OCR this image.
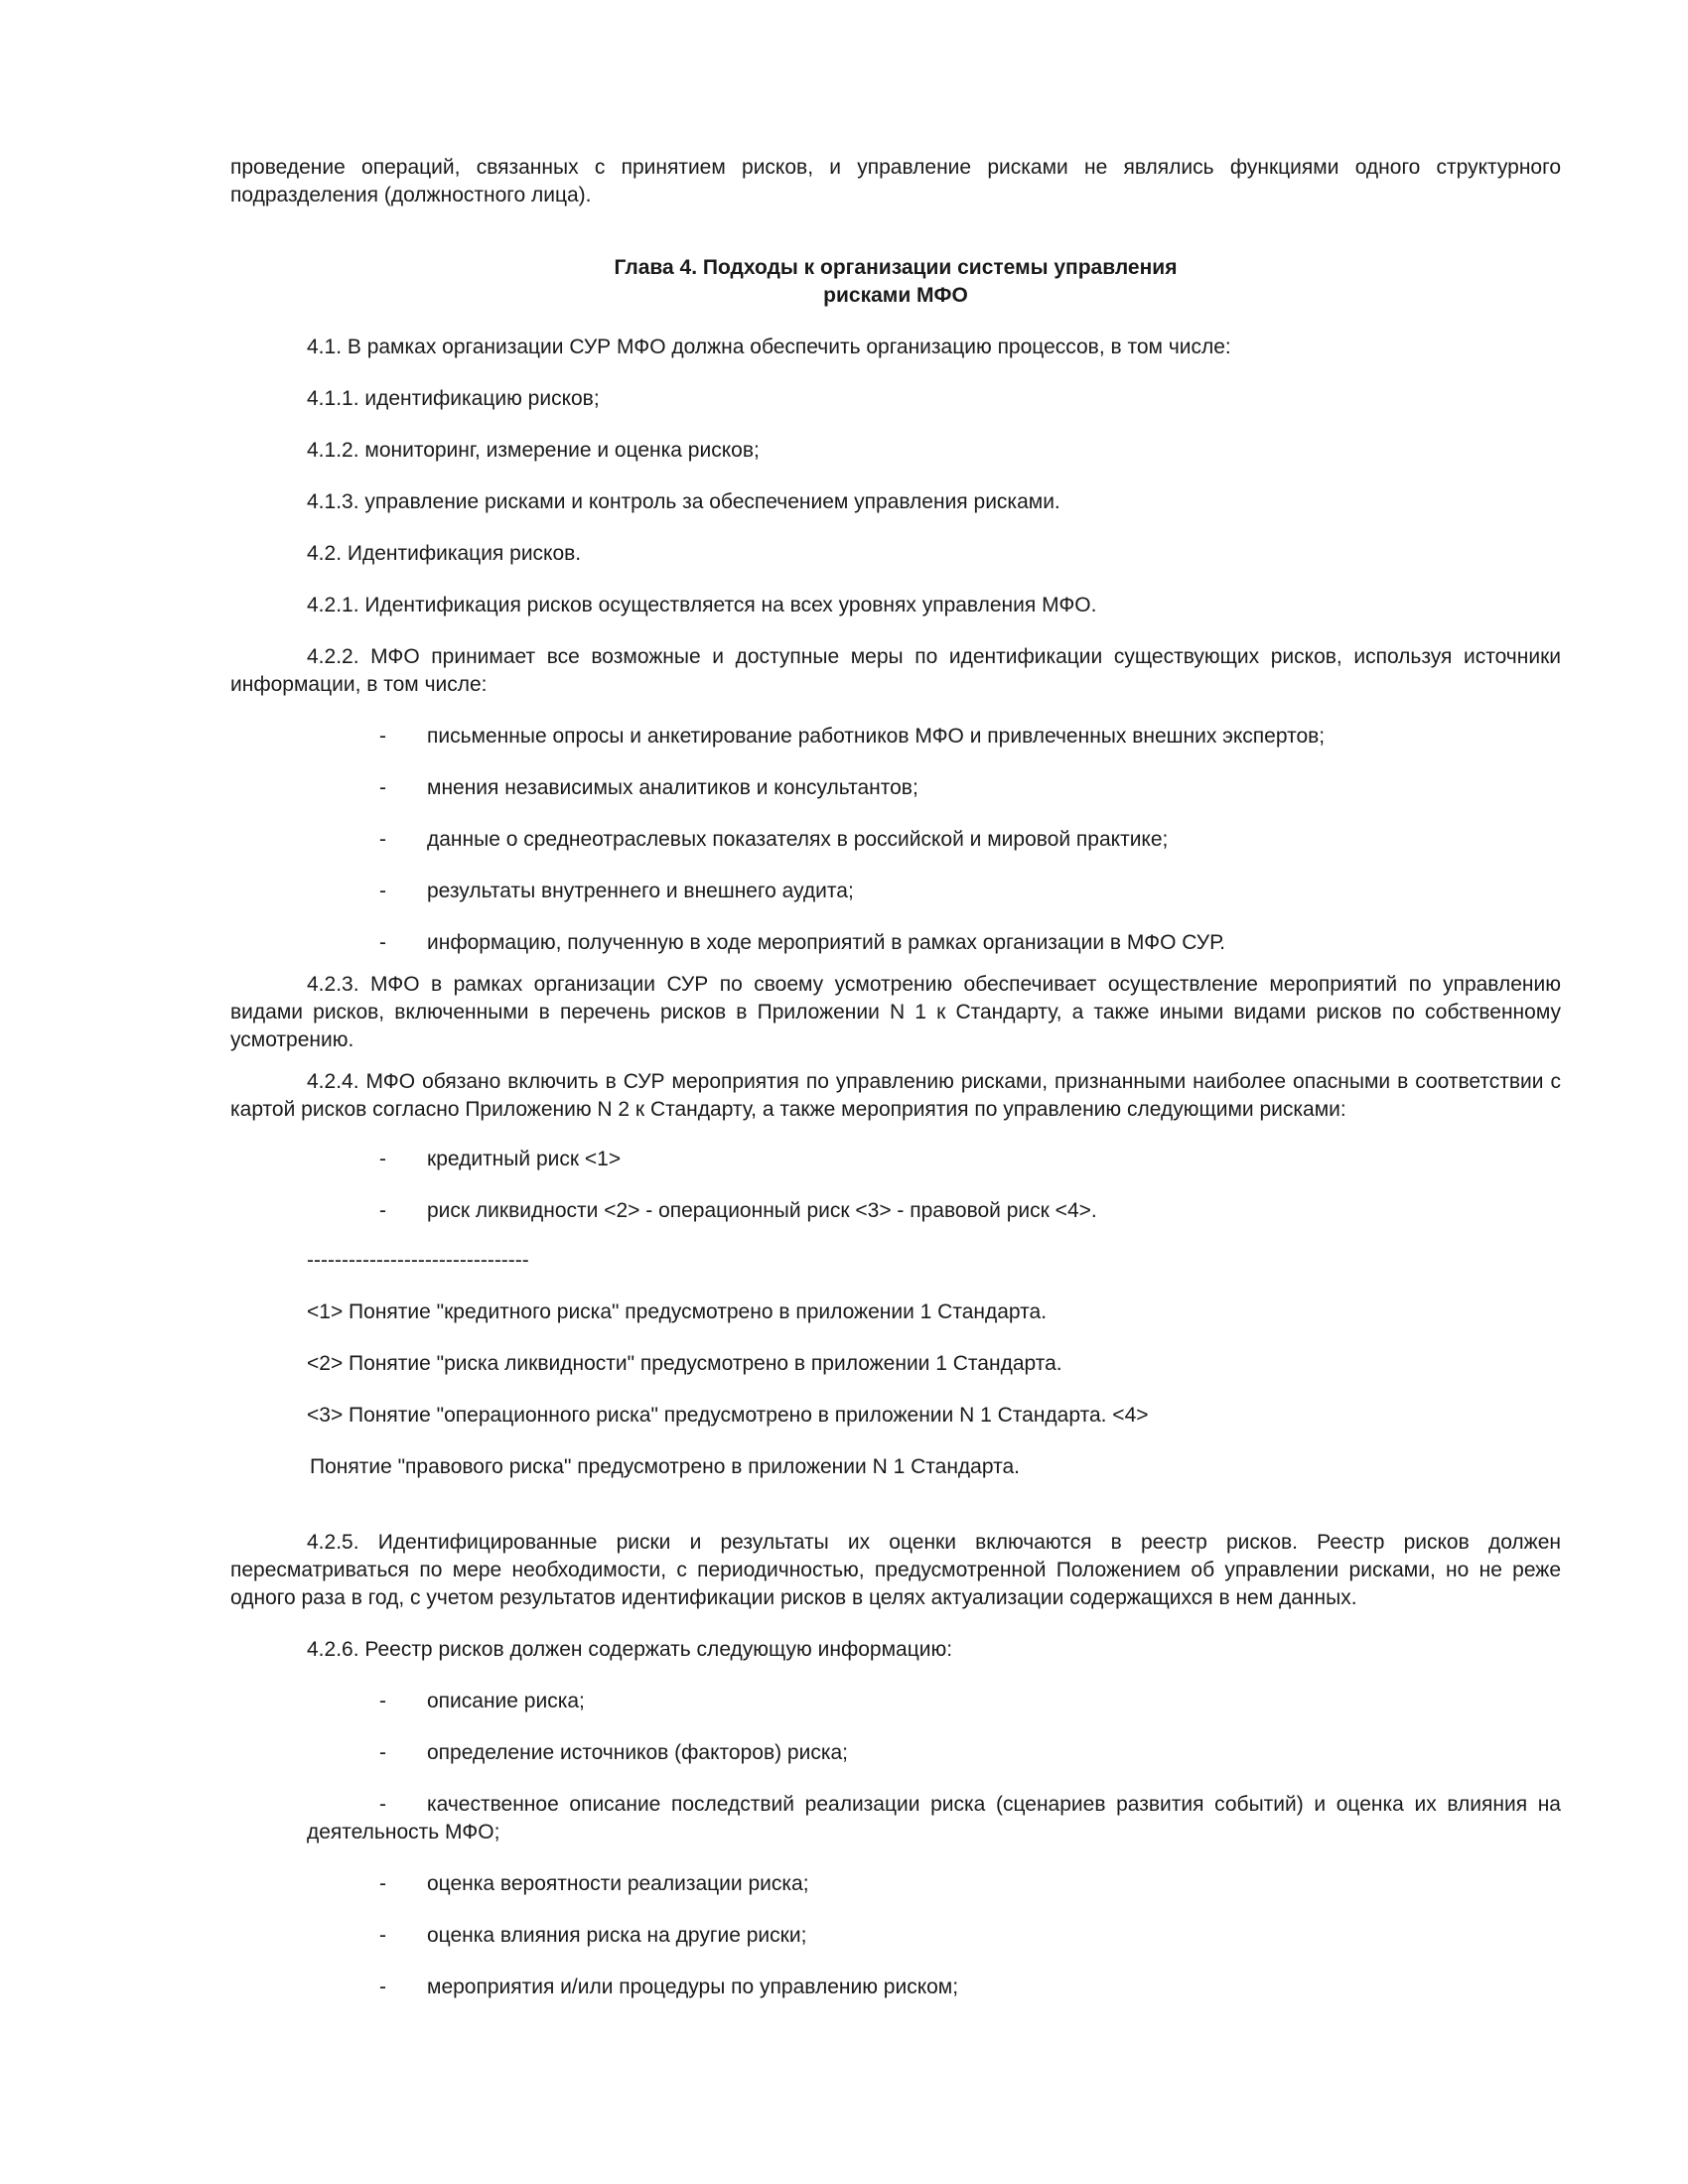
проведение операций, связанных с принятием рисков, и управление рисками не являлись функциями одного структурного подразделения (должностного лица).

Глава 4. Подходы к организации системы управления

рисками МФО

4.1. В рамках организации СУР МФО должна обеспечить организацию процессов, в том числе:

4.1.1. идентификацию рисков;

4.1.2. мониторинг, измерение и оценка рисков;

4.1.3. управление рисками и контроль за обеспечением управления рисками.

4.2. Идентификация рисков.

4.2.1. Идентификация рисков осуществляется на всех уровнях управления МФО.

4.2.2. МФО принимает все возможные и доступные меры по идентификации существующих рисков, используя источники информации, в том числе:

- письменные опросы и анкетирование работников МФО и привлеченных внешних экспертов;

- мнения независимых аналитиков и консультантов;

- данные о среднеотраслевых показателях в российской и мировой практике;

- результаты внутреннего и внешнего аудита;

- информацию, полученную в ходе мероприятий в рамках организации в МФО СУР.

4.2.3. МФО в рамках организации СУР по своему усмотрению обеспечивает осуществление мероприятий по управлению видами рисков, включенными в перечень рисков в Приложении N 1 к Стандарту, а также иными видами рисков по собственному усмотрению.

4.2.4. МФО обязано включить в СУР мероприятия по управлению рисками, признанными наиболее опасными в соответствии с картой рисков согласно Приложению N 2 к Стандарту, а также мероприятия по управлению следующими рисками:

- кредитный риск <1>

- риск ликвидности <2> - операционный риск <3> - правовой риск <4>.

--------------------------------

<1> Понятие "кредитного риска" предусмотрено в приложении 1 Стандарта.

<2> Понятие "риска ликвидности" предусмотрено в приложении 1 Стандарта.

<3> Понятие "операционного риска" предусмотрено в приложении N 1 Стандарта. <4>

Понятие "правового риска" предусмотрено в приложении N 1 Стандарта.

4.2.5. Идентифицированные риски и результаты их оценки включаются в реестр рисков. Реестр рисков должен пересматриваться по мере необходимости, с периодичностью, предусмотренной Положением об управлении рисками, но не реже одного раза в год, с учетом результатов идентификации рисков в целях актуализации содержащихся в нем данных.

4.2.6. Реестр рисков должен содержать следующую информацию:

- описание риска;

- определение источников (факторов) риска;

- качественное описание последствий реализации риска (сценариев развития событий) и оценка их влияния на деятельность МФО;

- оценка вероятности реализации риска;

- оценка влияния риска на другие риски;

- мероприятия и/или процедуры по управлению риском;
